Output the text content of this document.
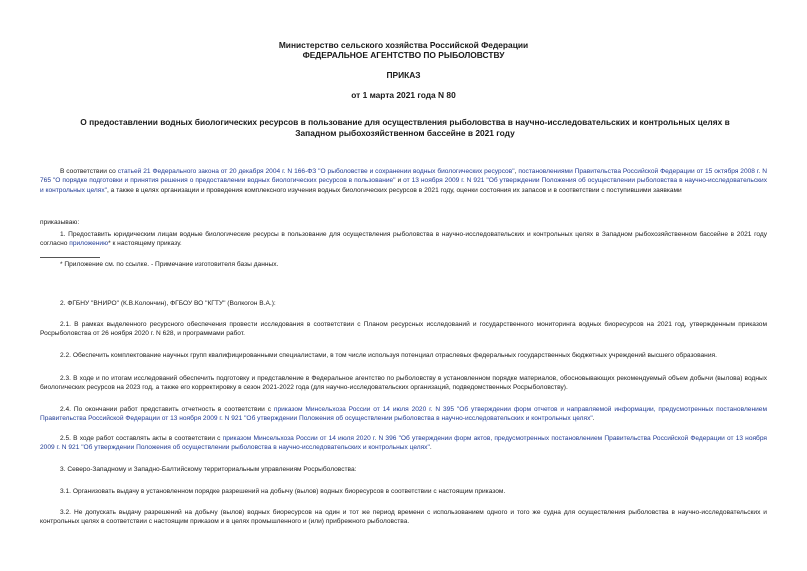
Министерство сельского хозяйства Российской Федерации
ФЕДЕРАЛЬНОЕ АГЕНТСТВО ПО РЫБОЛОВСТВУ
ПРИКАЗ
от 1 марта 2021 года N 80
О предоставлении водных биологических ресурсов в пользование для осуществления рыболовства в научно-исследовательских и контрольных целях в
Западном рыбохозяйственном бассейне в 2021 году
В соответствии со статьей 21 Федерального закона от 20 декабря 2004 г. N 166-ФЗ "О рыболовстве и сохранении водных биологических ресурсов", постановлениями Правительства Российской Федерации от 15 октября 2008 г. N 765 "О порядке подготовки и принятия решения о предоставлении водных биологических ресурсов в пользование" и от 13 ноября 2009 г. N 921 "Об утверждении Положения об осуществлении рыболовства в научно-исследовательских и контрольных целях", а также в целях организации и проведения комплексного изучения водных биологических ресурсов в 2021 году, оценки состояния их запасов и в соответствии с поступившими заявками
приказываю:
1. Предоставить юридическим лицам водные биологические ресурсы в пользование для осуществления рыболовства в научно-исследовательских и контрольных целях в Западном рыбохозяйственном бассейне в 2021 году согласно приложению* к настоящему приказу.
* Приложение см. по ссылке. - Примечание изготовителя базы данных.
2. ФГБНУ "ВНИРО" (К.В.Колончин), ФГБОУ ВО "КГТУ" (Волкогон В.А.):
2.1. В рамках выделенного ресурсного обеспечения провести исследования в соответствии с Планом ресурсных исследований и государственного мониторинга водных биоресурсов на 2021 год, утвержденным приказом Росрыболовства от 26 ноября 2020 г. N 628, и программами работ.
2.2. Обеспечить комплектование научных групп квалифицированными специалистами, в том числе используя потенциал отраслевых федеральных государственных бюджетных учреждений высшего образования.
2.3. В ходе и по итогам исследований обеспечить подготовку и представление в Федеральное агентство по рыболовству в установленном порядке материалов, обосновывающих рекомендуемый объем добычи (вылова) водных биологических ресурсов на 2023 год, а также его корректировку в сезон 2021-2022 года (для научно-исследовательских организаций, подведомственных Росрыболовству).
2.4. По окончании работ представить отчетность в соответствии с приказом Минсельхоза России от 14 июля 2020 г. N 395 "Об утверждении форм отчетов и направляемой информации, предусмотренных постановлением Правительства Российской Федерации от 13 ноября 2009 г. N 921 "Об утверждении Положения об осуществлении рыболовства в научно-исследовательских и контрольных целях".
2.5. В ходе работ составлять акты в соответствии с приказом Минсельхоза России от 14 июля 2020 г. N 396 "Об утверждении форм актов, предусмотренных постановлением Правительства Российской Федерации от 13 ноября 2009 г. N 921 "Об утверждении Положения об осуществлении рыболовства в научно-исследовательских и контрольных целях".
3. Северо-Западному и Западно-Балтийскому территориальным управлениям Росрыболовства:
3.1. Организовать выдачу в установленном порядке разрешений на добычу (вылов) водных биоресурсов в соответствии с настоящим приказом.
3.2. Не допускать выдачу разрешений на добычу (вылов) водных биоресурсов на один и тот же период времени с использованием одного и того же судна для осуществления рыболовства в научно-исследовательских и контрольных целях в соответствии с настоящим приказом и в целях промышленного и (или) прибрежного рыболовства.
